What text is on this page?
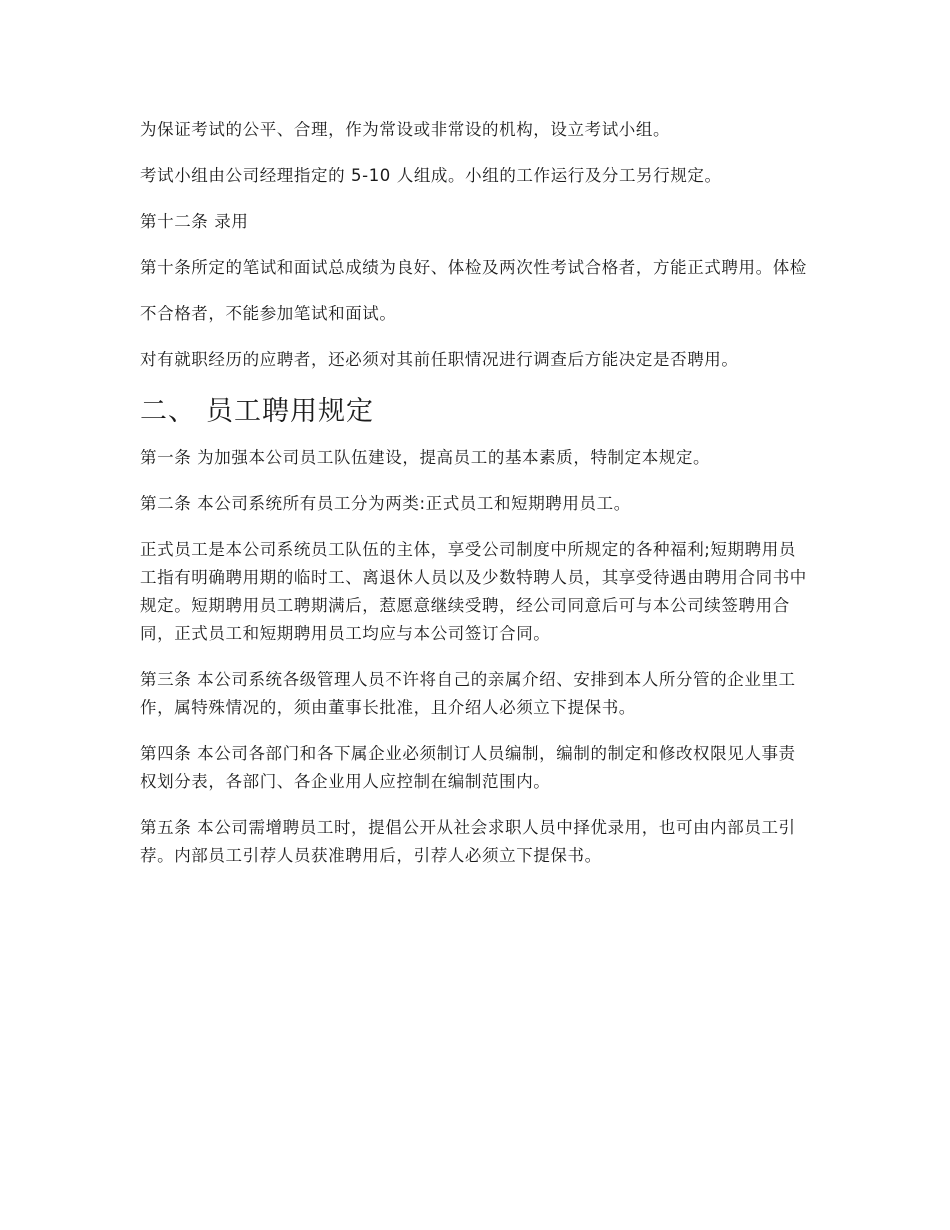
为保证考试的公平、合理，作为常设或非常设的机构，设立考试小组。

考试小组由公司经理指定的 5-10 人组成。小组的工作运行及分工另行规定。

第十二条 录用

第十条所定的笔试和面试总成绩为良好、体检及两次性考试合格者，方能正式聘用。体检

不合格者，不能参加笔试和面试。

对有就职经历的应聘者，还必须对其前任职情况进行调查后方能决定是否聘用。

二、 员工聘用规定

第一条 为加强本公司员工队伍建设，提高员工的基本素质，特制定本规定。

第二条 本公司系统所有员工分为两类:正式员工和短期聘用员工。

正式员工是本公司系统员工队伍的主体，享受公司制度中所规定的各种福利;短期聘用员工指有明确聘用期的临时工、离退休人员以及少数特聘人员，其享受待遇由聘用合同书中规定。短期聘用员工聘期满后，惹愿意继续受聘，经公司同意后可与本公司续签聘用合同，正式员工和短期聘用员工均应与本公司签订合同。

第三条 本公司系统各级管理人员不许将自己的亲属介绍、安排到本人所分管的企业里工作，属特殊情况的，须由董事长批准，且介绍人必须立下提保书。

第四条 本公司各部门和各下属企业必须制订人员编制，编制的制定和修改权限见人事责权划分表，各部门、各企业用人应控制在编制范围内。

第五条 本公司需增聘员工时，提倡公开从社会求职人员中择优录用，也可由内部员工引荐。内部员工引荐人员获准聘用后，引荐人必须立下提保书。
